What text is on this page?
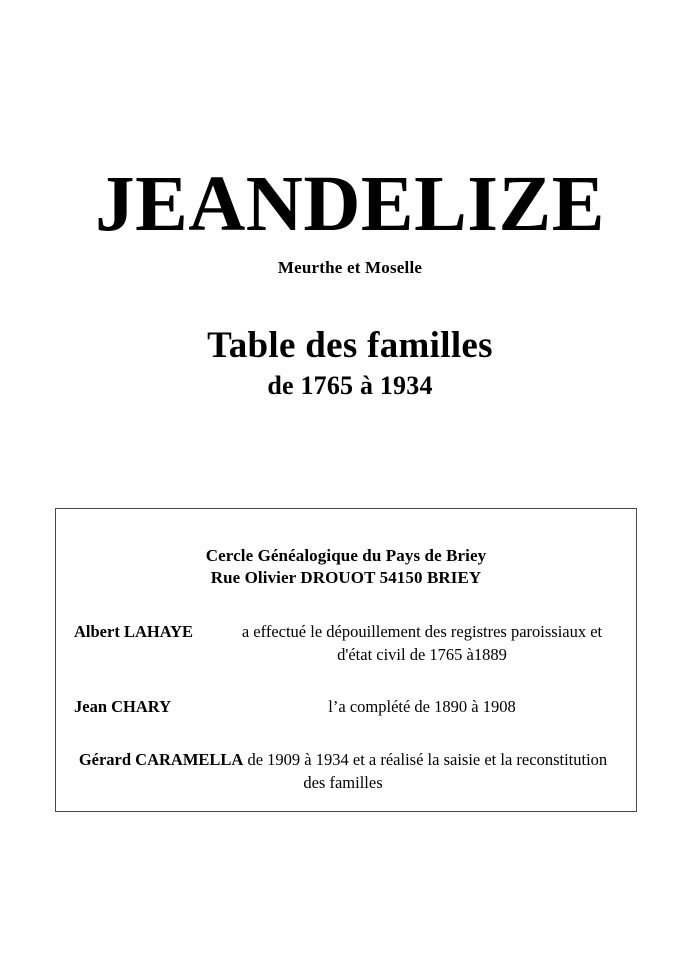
JEANDELIZE
Meurthe et Moselle
Table des familles
de 1765 à 1934
Cercle Généalogique du Pays de Briey
Rue Olivier DROUOT 54150 BRIEY
Albert LAHAYE	a effectué le dépouillement des registres paroissiaux et d'état civil de 1765 à1889
Jean CHARY	l’a complété de 1890 à 1908
Gérard CARAMELLA de 1909 à 1934 et a réalisé la saisie et la reconstitution des familles
